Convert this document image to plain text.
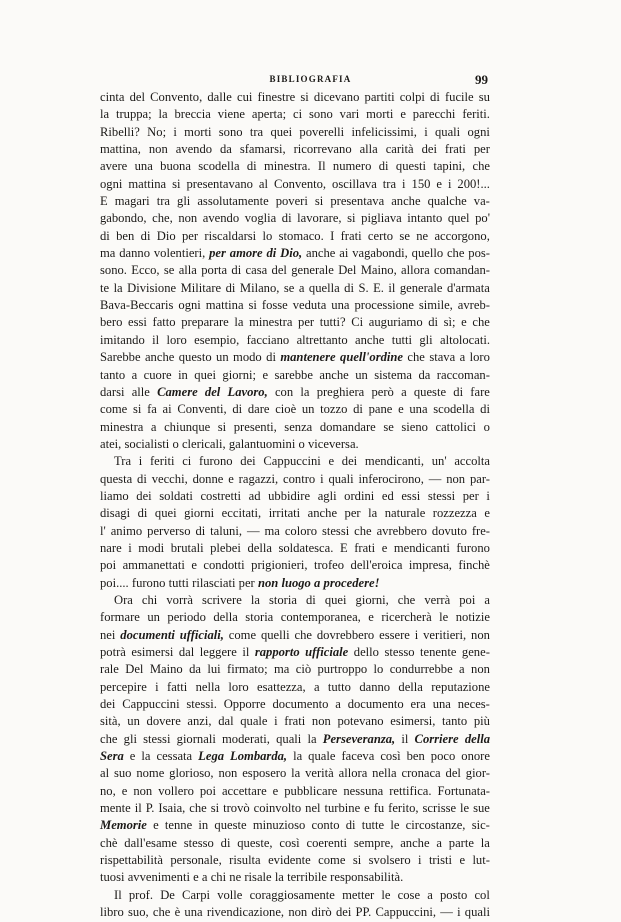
BIBLIOGRAFIA	99
cinta del Convento, dalle cui finestre si dicevano partiti colpi di fucile su
la truppa; la breccia viene aperta; ci sono vari morti e parecchi feriti.
Ribelli? No; i morti sono tra quei poverelli infelicissimi, i quali ogni
mattina, non avendo da sfamarsi, ricorrevano alla carità dei frati per
avere una buona scodella di minestra. Il numero di questi tapini, che
ogni mattina si presentavano al Convento, oscillava tra i 150 e i 200!...
E magari tra gli assolutamente poveri si presentava anche qualche va-
gabondo, che, non avendo voglia di lavorare, si pigliava intanto quel po'
di ben di Dio per riscaldarsi lo stomaco. I frati certo se ne accorgono,
ma danno volentieri, per amore di Dio, anche ai vagabondi, quello che pos-
sono. Ecco, se alla porta di casa del generale Del Maino, allora comandan-
te la Divisione Militare di Milano, se a quella di S. E. il generale d'armata
Bava-Beccaris ogni mattina si fosse veduta una processione simile, avreb-
bero essi fatto preparare la minestra per tutti? Ci auguriamo di sì; e che
imitando il loro esempio, facciano altrettanto anche tutti gli altolocati.
Sarebbe anche questo un modo di mantenere quell'ordine che stava a loro
tanto a cuore in quei giorni; e sarebbe anche un sistema da raccoman-
darsi alle Camere del Lavoro, con la preghiera però a queste di fare
come si fa ai Conventi, di dare cioè un tozzo di pane e una scodella di
minestra a chiunque si presenti, senza domandare se sieno cattolici o
atei, socialisti o clericali, galantuomini o viceversa.
Tra i feriti ci furono dei Cappuccini e dei mendicanti, un' accolta
questa di vecchi, donne e ragazzi, contro i quali inferocirono, — non par-
liamo dei soldati costretti ad ubbidire agli ordini ed essi stessi per i
disagi di quei giorni eccitati, irritati anche per la naturale rozzezza e
l' animo perverso di taluni, — ma coloro stessi che avrebbero dovuto fre-
nare i modi brutali plebei della soldatesca. E frati e mendicanti furono
poi ammanettati e condotti prigionieri, trofeo dell'eroica impresa, finchè
poi.... furono tutti rilasciati per non luogo a procedere!
Ora chi vorrà scrivere la storia di quei giorni, che verrà poi a
formare un periodo della storia contemporanea, e ricercherà le notizie
nei documenti ufficiali, come quelli che dovrebbero essere i veritieri, non
potrà esimersi dal leggere il rapporto ufficiale dello stesso tenente gene-
rale Del Maino da lui firmato; ma ciò purtroppo lo condurrebbe a non
percepire i fatti nella loro esattezza, a tutto danno della reputazione
dei Cappuccini stessi. Opporre documento a documento era una neces-
sità, un dovere anzi, dal quale i frati non potevano esimersi, tanto più
che gli stessi giornali moderati, quali la Perseveranza, il Corriere della
Sera e la cessata Lega Lombarda, la quale faceva così ben poco onore
al suo nome glorioso, non esposero la verità allora nella cronaca del gior-
no, e non vollero poi accettare e pubblicare nessuna rettifica. Fortunata-
mente il P. Isaia, che si trovò coinvolto nel turbine e fu ferito, scrisse le sue
Memorie e tenne in queste minuzioso conto di tutte le circostanze, sic-
chè dall'esame stesso di queste, così coerenti sempre, anche a parte la
rispettabilità personale, risulta evidente come si svolsero i tristi e lut-
tuosi avvenimenti e a chi ne risale la terribile responsabilità.
Il prof. De Carpi volle coraggiosamente metter le cose a posto col
libro suo, che è una rivendicazione, non dirò dei PP. Cappuccini, — i quali
